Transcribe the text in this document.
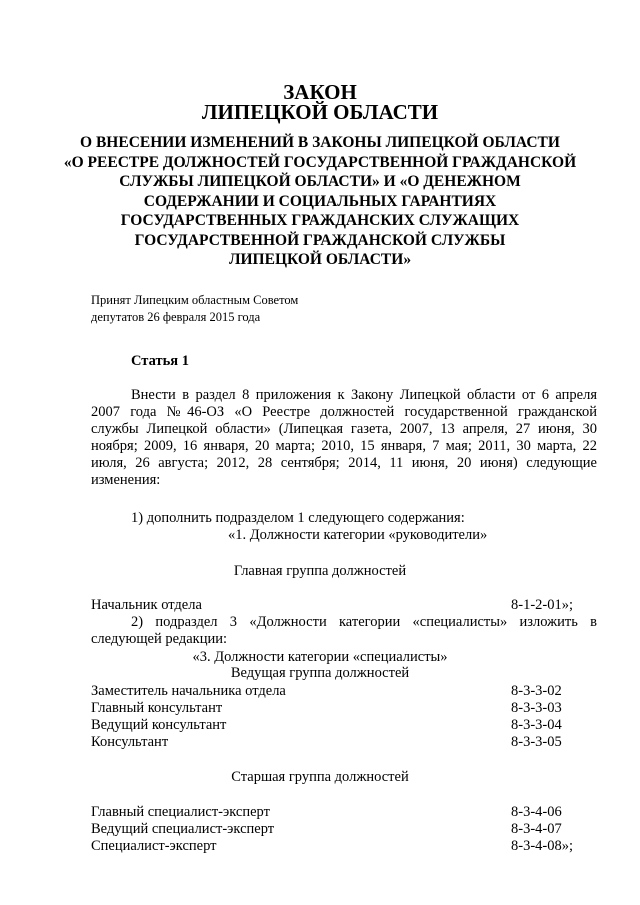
ЗАКОН
ЛИПЕЦКОЙ ОБЛАСТИ
О ВНЕСЕНИИ ИЗМЕНЕНИЙ В ЗАКОНЫ ЛИПЕЦКОЙ ОБЛАСТИ
«О РЕЕСТРЕ ДОЛЖНОСТЕЙ ГОСУДАРСТВЕННОЙ ГРАЖДАНСКОЙ
СЛУЖБЫ ЛИПЕЦКОЙ ОБЛАСТИ» И «О ДЕНЕЖНОМ
СОДЕРЖАНИИ И СОЦИАЛЬНЫХ ГАРАНТИЯХ
ГОСУДАРСТВЕННЫХ ГРАЖДАНСКИХ СЛУЖАЩИХ
ГОСУДАРСТВЕННОЙ ГРАЖДАНСКОЙ СЛУЖБЫ
ЛИПЕЦКОЙ ОБЛАСТИ»
Принят Липецким областным Советом
депутатов 26 февраля 2015 года
Статья 1
Внести в раздел 8 приложения к Закону Липецкой области от 6 апреля
2007 года №46-ОЗ «О Реестре должностей государственной гражданской
службы Липецкой области» (Липецкая газета, 2007, 13 апреля, 27 июня, 30
ноября; 2009, 16 января, 20 марта; 2010, 15 января, 7 мая; 2011, 30 марта, 22
июля, 26 августа; 2012, 28 сентября; 2014, 11 июня, 20 июня) следующие
изменения:
1) дополнить подразделом 1 следующего содержания:
«1. Должности категории «руководители»
Главная группа должностей
Начальник отдела	8-1-2-01»;
2) подраздел 3 «Должности категории «специалисты» изложить в
следующей редакции:
«3. Должности категории «специалисты»
Ведущая группа должностей
Заместитель начальника отдела	8-3-3-02
Главный консультант	8-3-3-03
Ведущий консультант	8-3-3-04
Консультант	8-3-3-05
Старшая группа должностей
Главный специалист-эксперт	8-3-4-06
Ведущий специалист-эксперт	8-3-4-07
Специалист-эксперт	8-3-4-08»;
